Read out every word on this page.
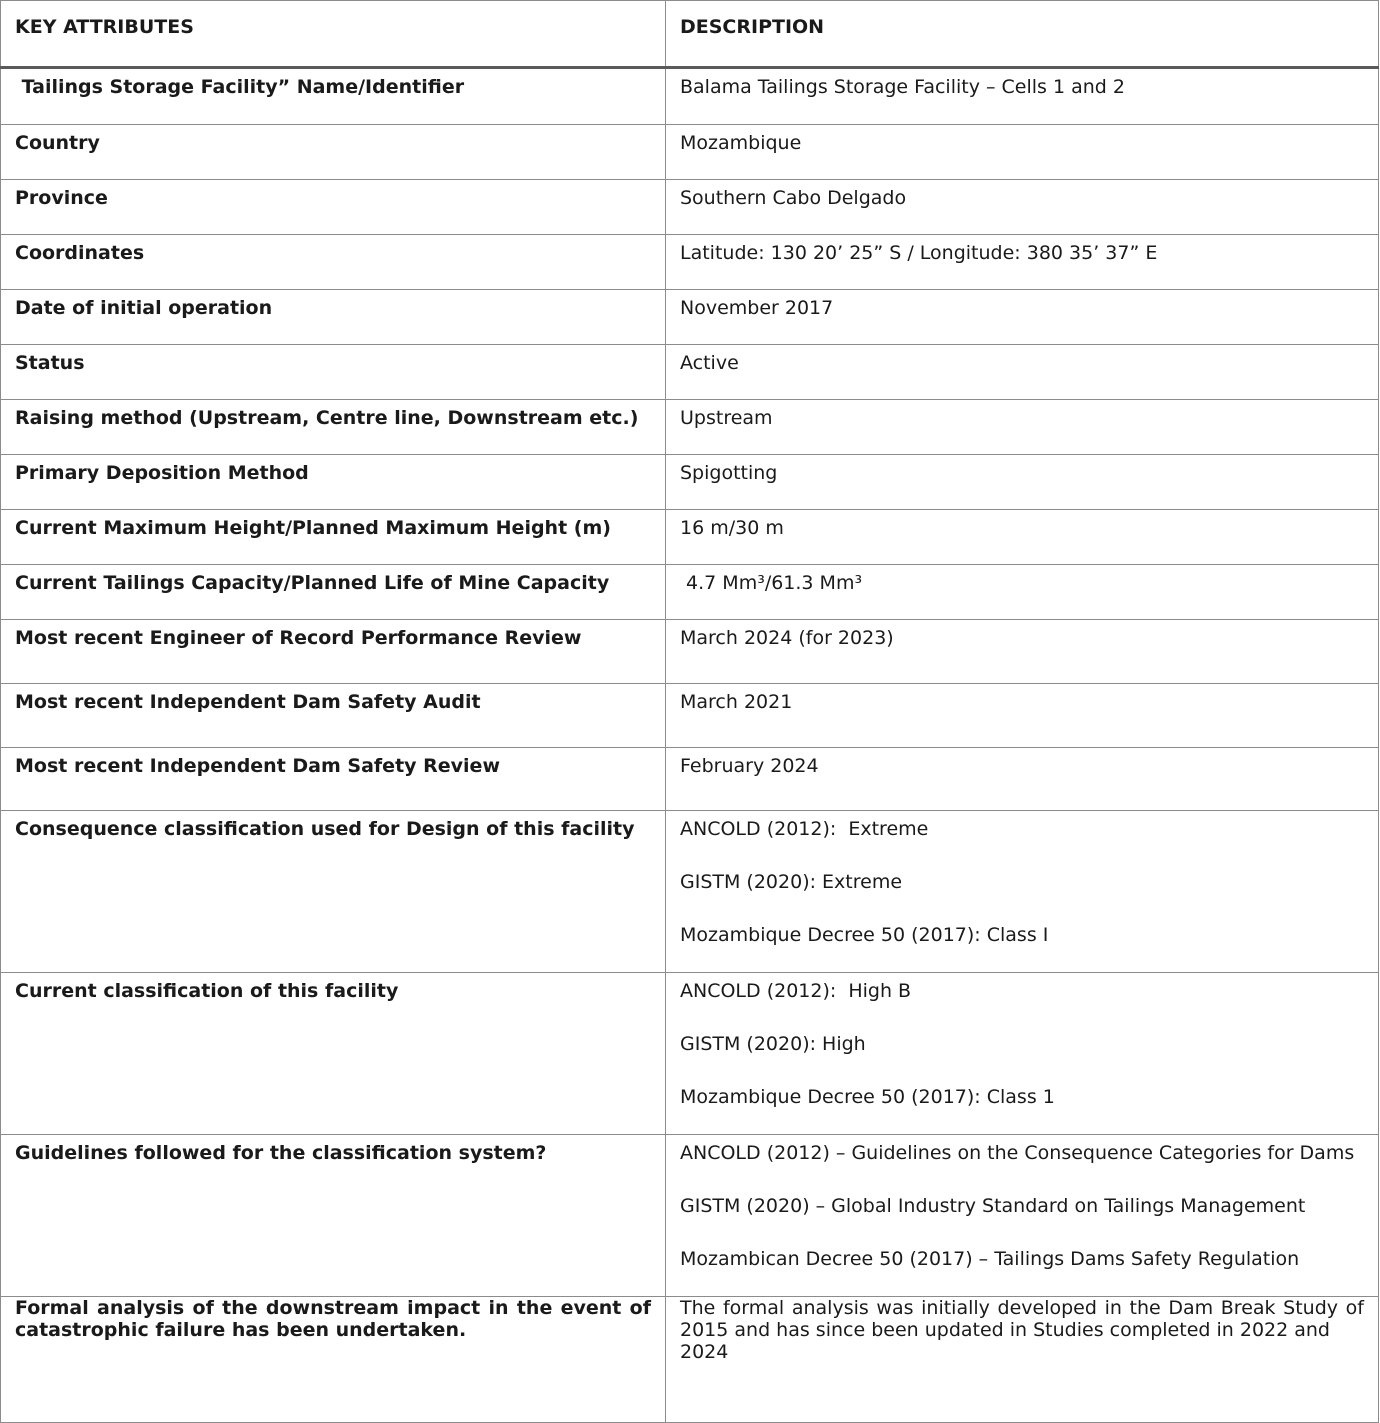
KEY ATTRIBUTES	DESCRIPTION
Tailings Storage Facility” Name/Identifier	Balama Tailings Storage Facility – Cells 1 and 2
Country	Mozambique
Province	Southern Cabo Delgado
Coordinates	Latitude: 130 20’ 25” S / Longitude: 380 35’ 37” E
Date of initial operation	November 2017
Status	Active
Raising method (Upstream, Centre line, Downstream etc.)	Upstream
Primary Deposition Method	Spigotting
Current Maximum Height/Planned Maximum Height (m)	16 m/30 m
Current Tailings Capacity/Planned Life of Mine Capacity	4.7 Mm³/61.3 Mm³
Most recent Engineer of Record Performance Review	March 2024 (for 2023)
Most recent Independent Dam Safety Audit	March 2021
Most recent Independent Dam Safety Review	February 2024
Consequence classification used for Design of this facility	ANCOLD (2012):  Extreme
GISTM (2020): Extreme
Mozambique Decree 50 (2017): Class I

Current classification of this facility	ANCOLD (2012):  High B
GISTM (2020): High
Mozambique Decree 50 (2017): Class 1

Guidelines followed for the classification system?	ANCOLD (2012) – Guidelines on the Consequence Categories for Dams
GISTM (2020) – Global Industry Standard on Tailings Management
Mozambican Decree 50 (2017) – Tailings Dams Safety Regulation

Formal analysis of the downstream impact in the event of
catastrophic failure has been undertaken.	The formal analysis was initially developed in the Dam Break Study of
2015 and has since been updated in Studies completed in 2022 and 2024
